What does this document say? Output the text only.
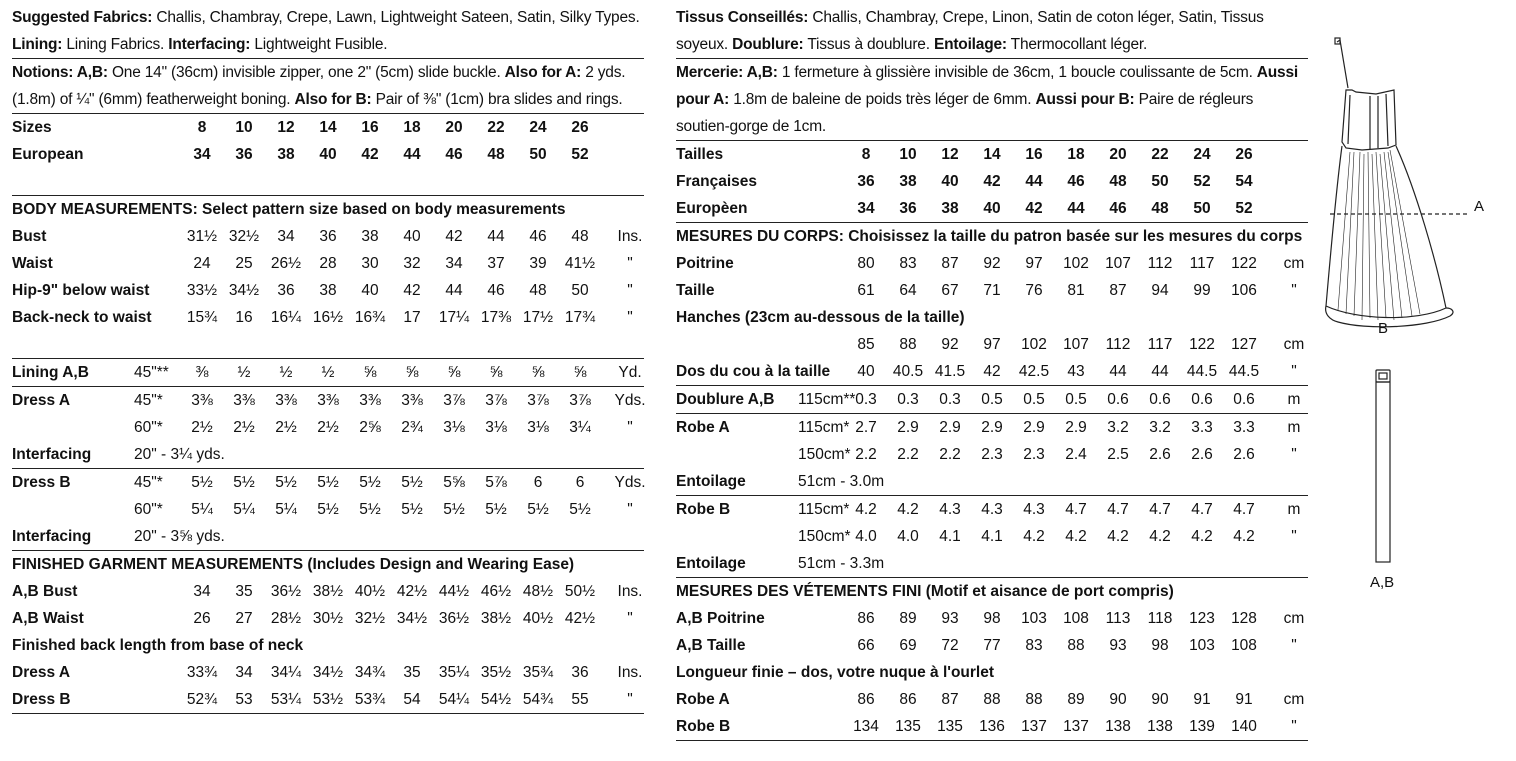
Suggested Fabrics: Challis, Chambray, Crepe, Lawn, Lightweight Sateen, Satin, Silky Types. Lining: Lining Fabrics. Interfacing: Lightweight Fusible.

Notions: A,B: One 14" (36cm) invisible zipper, one 2" (5cm) slide buckle. Also for A: 2 yds. (1.8m) of ¼" (6mm) featherweight boning. Also for B: Pair of ⅜" (1cm) bra slides and rings.

Sizes	8 10 12 14 16 18 20 22 24 26
European	34 36 38 40 42 44 46 48 50 52
BODY MEASUREMENTS: Select pattern size based on body measurements
Bust	31½ 32½ 34 36 38 40 42 44 46 48 Ins.
Waist	24 25 26½ 28 30 32 34 37 39 41½ "
Hip-9" below waist 33½ 34½ 36 38 40 42 44 46 48 50 "
Back-neck to waist 15¾ 16 16¼ 16½ 16¾ 17 17¼ 17⅜ 17½ 17¾ "
Lining A,B	45"** ⅜ ½ ½ ½ ⅝ ⅝ ⅝ ⅝ ⅝ ⅝ Yd.
Dress A	45"* 3⅜ 3⅜ 3⅜ 3⅜ 3⅜ 3⅜ 3⅞ 3⅞ 3⅞ 3⅞ Yds.
60"* 2½ 2½ 2½ 2½ 2⅝ 2¾ 3⅛ 3⅛ 3⅛ 3¼ "
Interfacing	20" - 3¼ yds.
Dress B	45"* 5½ 5½ 5½ 5½ 5½ 5½ 5⅝ 5⅞ 6 6 Yds.
60"* 5¼ 5¼ 5¼ 5½ 5½ 5½ 5½ 5½ 5½ 5½ "
Interfacing	20" - 3⅝ yds.
FINISHED GARMENT MEASUREMENTS (Includes Design and Wearing Ease)
A,B Bust	34 35 36½ 38½ 40½ 42½ 44½ 46½ 48½ 50½ Ins.
A,B Waist	26 27 28½ 30½ 32½ 34½ 36½ 38½ 40½ 42½ "
Finished back length from base of neck
Dress A	33¾ 34 34¼ 34½ 34¾ 35 35¼ 35½ 35¾ 36 Ins.
Dress B	52¾ 53 53¼ 53½ 53¾ 54 54¼ 54½ 54¾ 55 "

Tissus Conseillés: Challis, Chambray, Crepe, Linon, Satin de coton léger, Satin, Tissus soyeux. Doublure: Tissus à doublure. Entoilage: Thermocollant léger.

Mercerie: A,B: 1 fermeture à glissière invisible de 36cm, 1 boucle coulissante de 5cm. Aussi pour A: 1.8m de baleine de poids très léger de 6mm. Aussi pour B: Paire de régleurs soutien-gorge de 1cm.

Tailles	8 10 12 14 16 18 20 22 24 26
Françaises	36 38 40 42 44 46 48 50 52 54
Europèen	34 36 38 40 42 44 46 48 50 52
MESURES DU CORPS: Choisissez la taille du patron basée sur les mesures du corps
Poitrine	80 83 87 92 97 102 107 112 117 122 cm
Taille	61 64 67 71 76 81 87 94 99 106 "
Hanches (23cm au-dessous de la taille)
85 88 92 97 102 107 112 117 122 127 cm
Dos du cou à la taille 40 40.5 41.5 42 42.5 43 44 44 44.5 44.5 "
Doublure A,B 115cm** 0.3 0.3 0.3 0.5 0.5 0.5 0.6 0.6 0.6 0.6 m
Robe A	115cm* 2.7 2.9 2.9 2.9 2.9 2.9 3.2 3.2 3.3 3.3 m
150cm* 2.2 2.2 2.2 2.3 2.3 2.4 2.5 2.6 2.6 2.6 "
Entoilage	51cm - 3.0m
Robe B	115cm* 4.2 4.2 4.3 4.3 4.3 4.7 4.7 4.7 4.7 4.7 m
150cm* 4.0 4.0 4.1 4.1 4.2 4.2 4.2 4.2 4.2 4.2 "
Entoilage	51cm - 3.3m
MESURES DES VÉTEMENTS FINI (Motif et aisance de port compris)
A,B Poitrine	86 89 93 98 103 108 113 118 123 128 cm
A,B Taille	66 69 72 77 83 88 93 98 103 108 "
Longueur finie – dos, votre nuque à l'ourlet
Robe A	86 86 87 88 88 89 90 90 91 91 cm
Robe B	134 135 135 136 137 137 138 138 139 140 "
A
B
A,B
